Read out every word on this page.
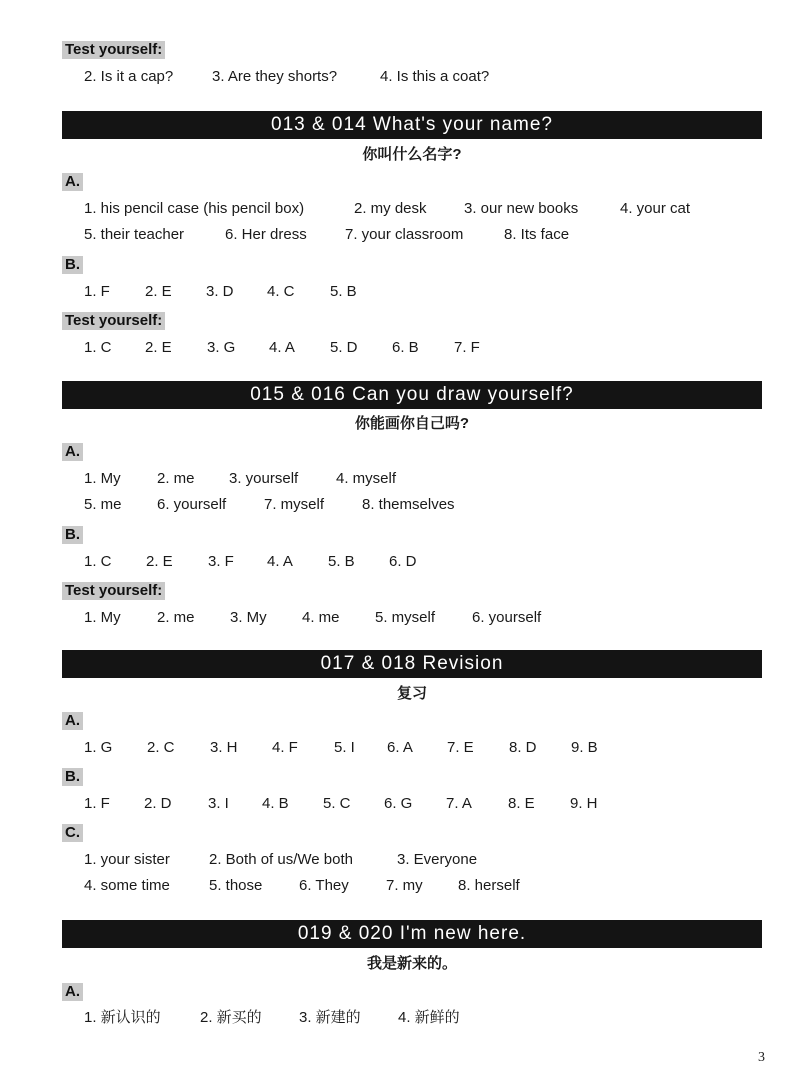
Test yourself:
2. Is it a cap?	3. Are they shorts?	4. Is this a coat?
013 & 014 What's your name?
你叫什么名字?
A.
1. his pencil case (his pencil box)	2. my desk 3. our new books	4. your cat
5. their teacher	6. Her dress	7. your classroom	8. Its face
B.
1. F 2. E 3. D 4. C 5. B
Test yourself:
1. C 2. E 3. G 4. A 5. D 6. B 7. F
015 & 016 Can you draw yourself?
你能画你自己吗?
A.
1. My 2. me 3. yourself	4. myself
5. me 6. yourself	7. myself	8. themselves
B.
1. C 2. E 3. F 4. A 5. B 6. D
Test yourself:
1. My 2. me 3. My 4. me 5. myself 6. yourself
017 & 018 Revision
复习
A.
1. G 2. C 3. H 4. F 5. I 6. A 7. E 8. D 9. B
B.
1. F 2. D 3. I 4. B 5. C 6. G 7. A 8. E 9. H
C.
1. your sister	2. Both of us/We both	3. Everyone
4. some time	5. those 6. They 7. my 8. herself
019 & 020 I'm new here.
我是新来的。
A.
1. 新认识的	2. 新买的 3. 新建的 4. 新鲜的
3
